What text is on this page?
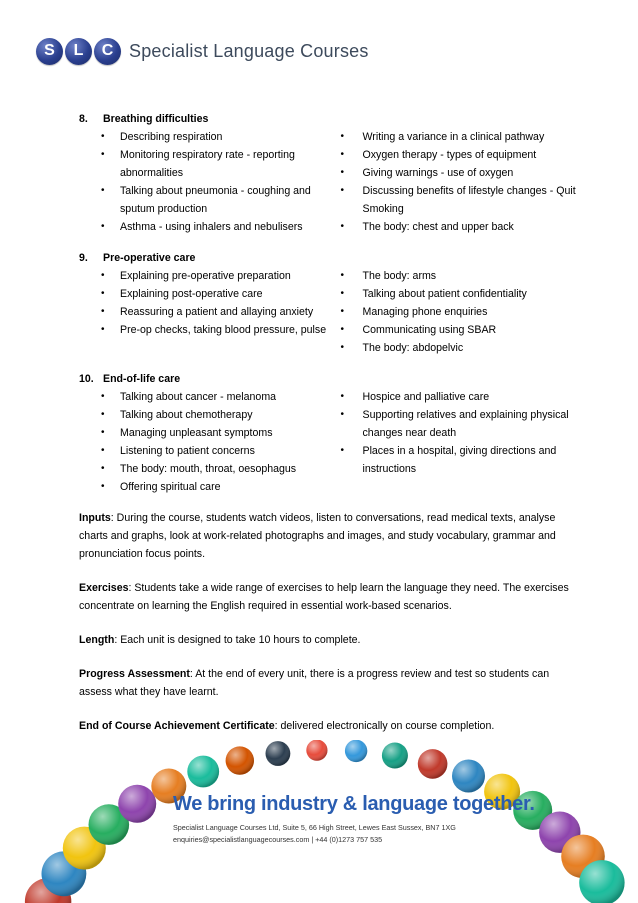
S	L	C Specialist Language Courses
8.	Breathing difficulties
•	Describing respiration
•	Monitoring respiratory rate - reporting abnormalities
•	Talking about pneumonia - coughing and sputum production
•	Asthma - using inhalers and nebulisers
•	Writing a variance in a clinical pathway
•	Oxygen therapy - types of equipment
•	Giving warnings - use of oxygen
•	Discussing benefits of lifestyle changes - Quit Smoking
•	The body: chest and upper back
9.	Pre-operative care
•	Explaining pre-operative preparation
•	Explaining post-operative care
•	Reassuring a patient and allaying anxiety
•	Pre-op checks, taking blood pressure, pulse
•	The body: arms
•	Talking about patient confidentiality
•	Managing phone enquiries
•	Communicating using SBAR
•	The body: abdopelvic
10. End-of-life care
•	Talking about cancer - melanoma
•	Talking about chemotherapy
•	Managing unpleasant symptoms
•	Listening to patient concerns
•	The body: mouth, throat, oesophagus
•	Offering spiritual care
•	Hospice and palliative care
•	Supporting relatives and explaining physical changes near death
•	Places in a hospital, giving directions and instructions
Inputs: During the course, students watch videos, listen to conversations, read medical texts, analyse charts and graphs, look at work-related photographs and images, and study vocabulary, grammar and pronunciation focus points.
Exercises: Students take a wide range of exercises to help learn the language they need. The exercises concentrate on learning the English required in essential work-based scenarios.
Length: Each unit is designed to take 10 hours to complete.
Progress Assessment: At the end of every unit, there is a progress review and test so students can assess what they have learnt.
End of Course Achievement Certificate: delivered electronically on course completion.
We bring industry & language together.
Specialist Language Courses Ltd, Suite 5, 66 High Street, Lewes East Sussex, BN7 1XG
enquiries@specialistlanguagecourses.com | +44 (0)1273 757 535
